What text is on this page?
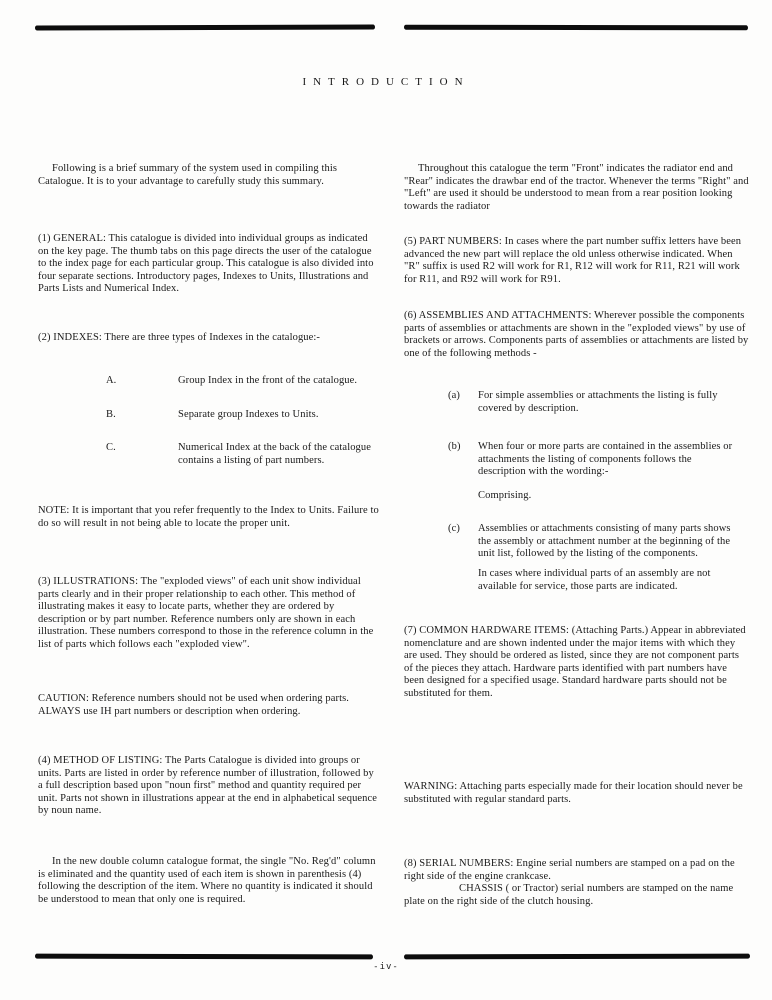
INTRODUCTION
Following is a brief summary of the system used in compiling this Catalogue. It is to your advantage to carefully study this summary.
(1) GENERAL: This catalogue is divided into individual groups as indicated on the key page. The thumb tabs on this page directs the user of the catalogue to the index page for each particular group. This catalogue is also divided into four separate sections. Introductory pages, Indexes to Units, Illustrations and Parts Lists and Numerical Index.
(2) INDEXES: There are three types of Indexes in the catalogue:-
A.	Group Index in the front of the catalogue.
B.	Separate group Indexes to Units.
C.	Numerical Index at the back of the catalogue contains a listing of part numbers.
NOTE: It is important that you refer frequently to the Index to Units. Failure to do so will result in not being able to locate the proper unit.
(3) ILLUSTRATIONS: The "exploded views" of each unit show individual parts clearly and in their proper relationship to each other. This method of illustrating makes it easy to locate parts, whether they are ordered by description or by part number. Reference numbers only are shown in each illustration. These numbers correspond to those in the reference column in the list of parts which follows each "exploded view".
CAUTION: Reference numbers should not be used when ordering parts. ALWAYS use IH part numbers or description when ordering.
(4) METHOD OF LISTING: The Parts Catalogue is divided into groups or units. Parts are listed in order by reference number of illustration, followed by a full description based upon "noun first" method and quantity required per unit. Parts not shown in illustrations appear at the end in alphabetical sequence by noun name.
In the new double column catalogue format, the single "No. Reg'd" column is eliminated and the quantity used of each item is shown in parenthesis (4) following the description of the item. Where no quantity is indicated it should be understood to mean that only one is required.
Throughout this catalogue the term "Front" indicates the radiator end and "Rear" indicates the drawbar end of the tractor. Whenever the terms "Right" and "Left" are used it should be understood to mean from a rear position looking towards the radiator
(5) PART NUMBERS: In cases where the part number suffix letters have been advanced the new part will replace the old unless otherwise indicated. When "R" suffix is used R2 will work for R1, R12 will work for R11, R21 will work for R11, and R92 will work for R91.
(6) ASSEMBLIES AND ATTACHMENTS: Wherever possible the components parts of assemblies or attachments are shown in the "exploded views" by use of brackets or arrows. Components parts of assemblies or attachments are listed by one of the following methods -
(a) For simple assemblies or attachments the listing is fully covered by description.
(b) When four or more parts are contained in the assemblies or attachments the listing of components follows the description with the wording:-
Comprising.
(c) Assemblies or attachments consisting of many parts shows the assembly or attachment number at the beginning of the unit list, followed by the listing of the components.
In cases where individual parts of an assembly are not available for service, those parts are indicated.
(7) COMMON HARDWARE ITEMS: (Attaching Parts.) Appear in abbreviated nomenclature and are shown indented under the major items with which they are used. They should be ordered as listed, since they are not component parts of the pieces they attach. Hardware parts identified with part numbers have been designed for a specified usage. Standard hardware parts should not be substituted for them.
WARNING: Attaching parts especially made for their location should never be substituted with regular standard parts.
(8) SERIAL NUMBERS: Engine serial numbers are stamped on a pad on the right side of the engine crankcase.
CHASSIS ( or Tractor) serial numbers are stamped on the name plate on the right side of the clutch housing.
-iv-
